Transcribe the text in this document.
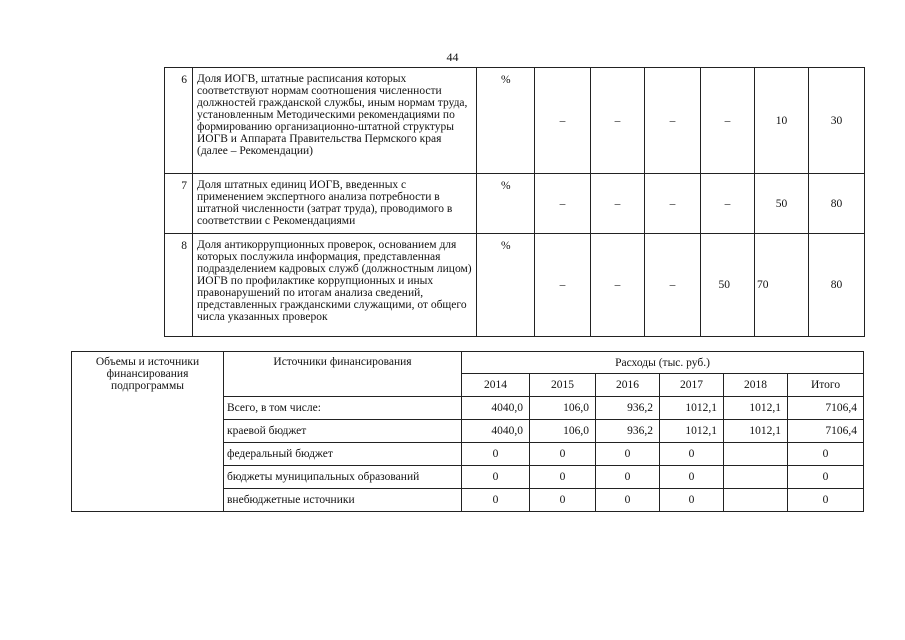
44
6	Доля ИОГВ, штатные расписания которых соответствуют нормам соотношения численности должностей гражданской службы, иным нормам труда, установленным Методическими рекомендациями по формированию организационно-штатной структуры ИОГВ и Аппарата Правительства Пермского края (далее – Рекомендации)	%	–	–	–	–	10	30
7	Доля штатных единиц ИОГВ, введенных с применением экспертного анализа потребности в штатной численности (затрат труда), проводимого в соответствии с Рекомендациями	%	–	–	–	–	50	80
8	Доля антикоррупционных проверок, основанием для которых послужила информация, представленная подразделением кадровых служб (должностным лицом) ИОГВ по профилактике коррупционных и иных правонарушений по итогам анализа сведений, представленных гражданскими служащими, от общего числа указанных проверок	%	–	–	–	50	70	80
Объемы и источники финансирования подпрограммы	Источники финансирования	Расходы (тыс. руб.)					
		2014	2015	2016	2017	2018	Итого
	Всего, в том числе:	4040,0	106,0	936,2	1012,1	1012,1	7106,4
	краевой бюджет	4040,0	106,0	936,2	1012,1	1012,1	7106,4
	федеральный бюджет	0	0	0	0		0
	бюджеты муниципальных образований	0	0	0	0		0
	внебюджетные источники	0	0	0	0		0
